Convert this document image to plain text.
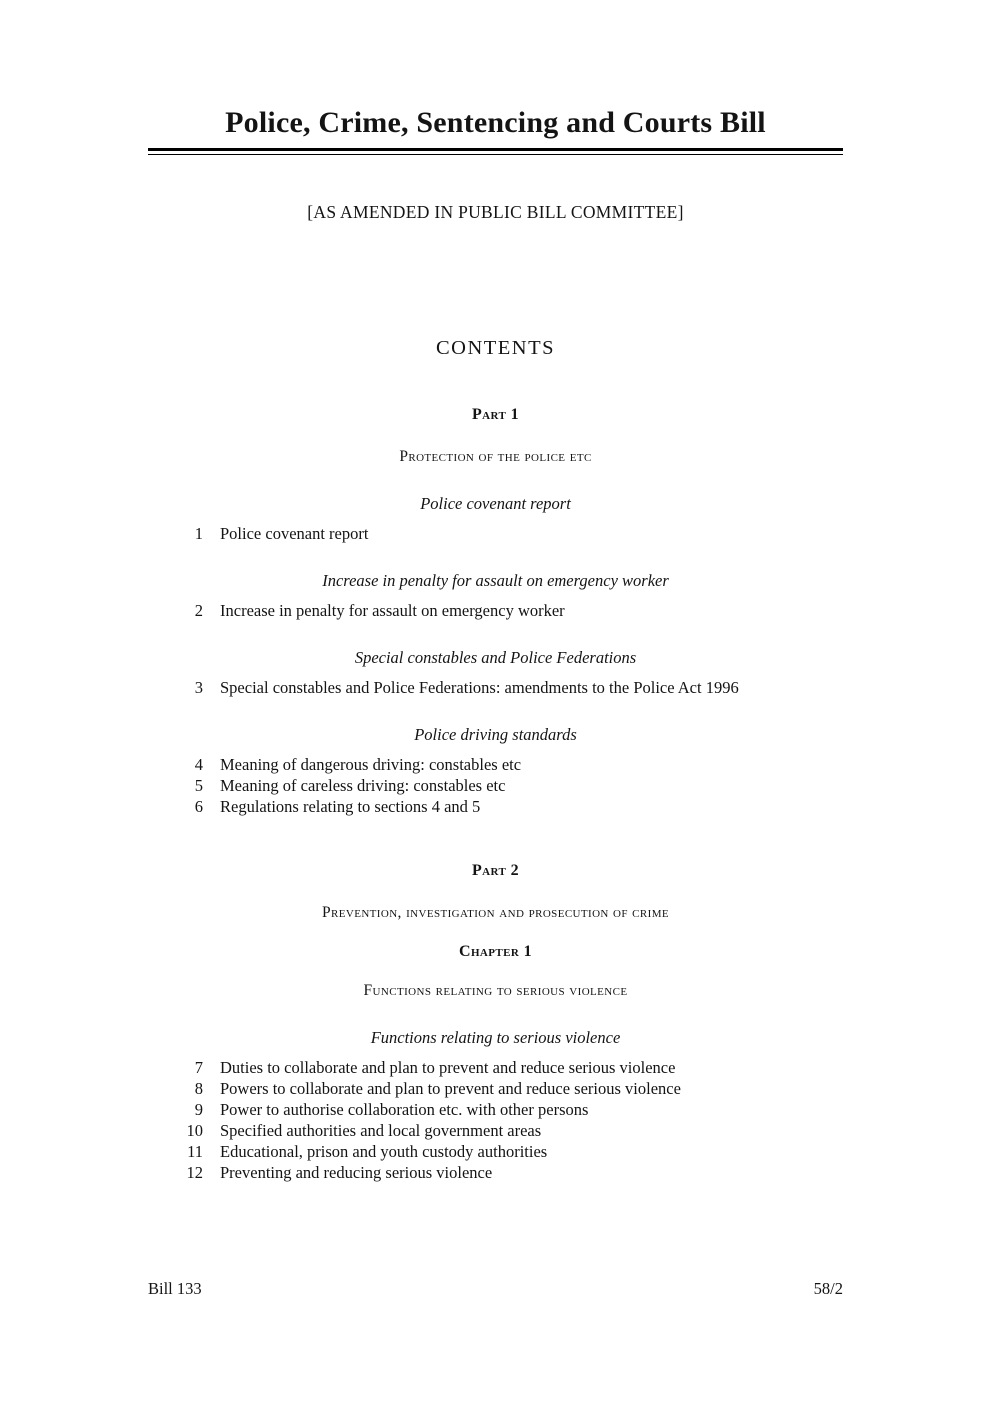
Police, Crime, Sentencing and Courts Bill
[AS AMENDED IN PUBLIC BILL COMMITTEE]
CONTENTS
Part 1
Protection of the police etc
Police covenant report
1 Police covenant report
Increase in penalty for assault on emergency worker
2 Increase in penalty for assault on emergency worker
Special constables and Police Federations
3 Special constables and Police Federations: amendments to the Police Act 1996
Police driving standards
4 Meaning of dangerous driving: constables etc
5 Meaning of careless driving: constables etc
6 Regulations relating to sections 4 and 5
Part 2
Prevention, investigation and prosecution of crime
Chapter 1
Functions relating to serious violence
Functions relating to serious violence
7 Duties to collaborate and plan to prevent and reduce serious violence
8 Powers to collaborate and plan to prevent and reduce serious violence
9 Power to authorise collaboration etc. with other persons
10 Specified authorities and local government areas
11 Educational, prison and youth custody authorities
12 Preventing and reducing serious violence
Bill 133	58/2
